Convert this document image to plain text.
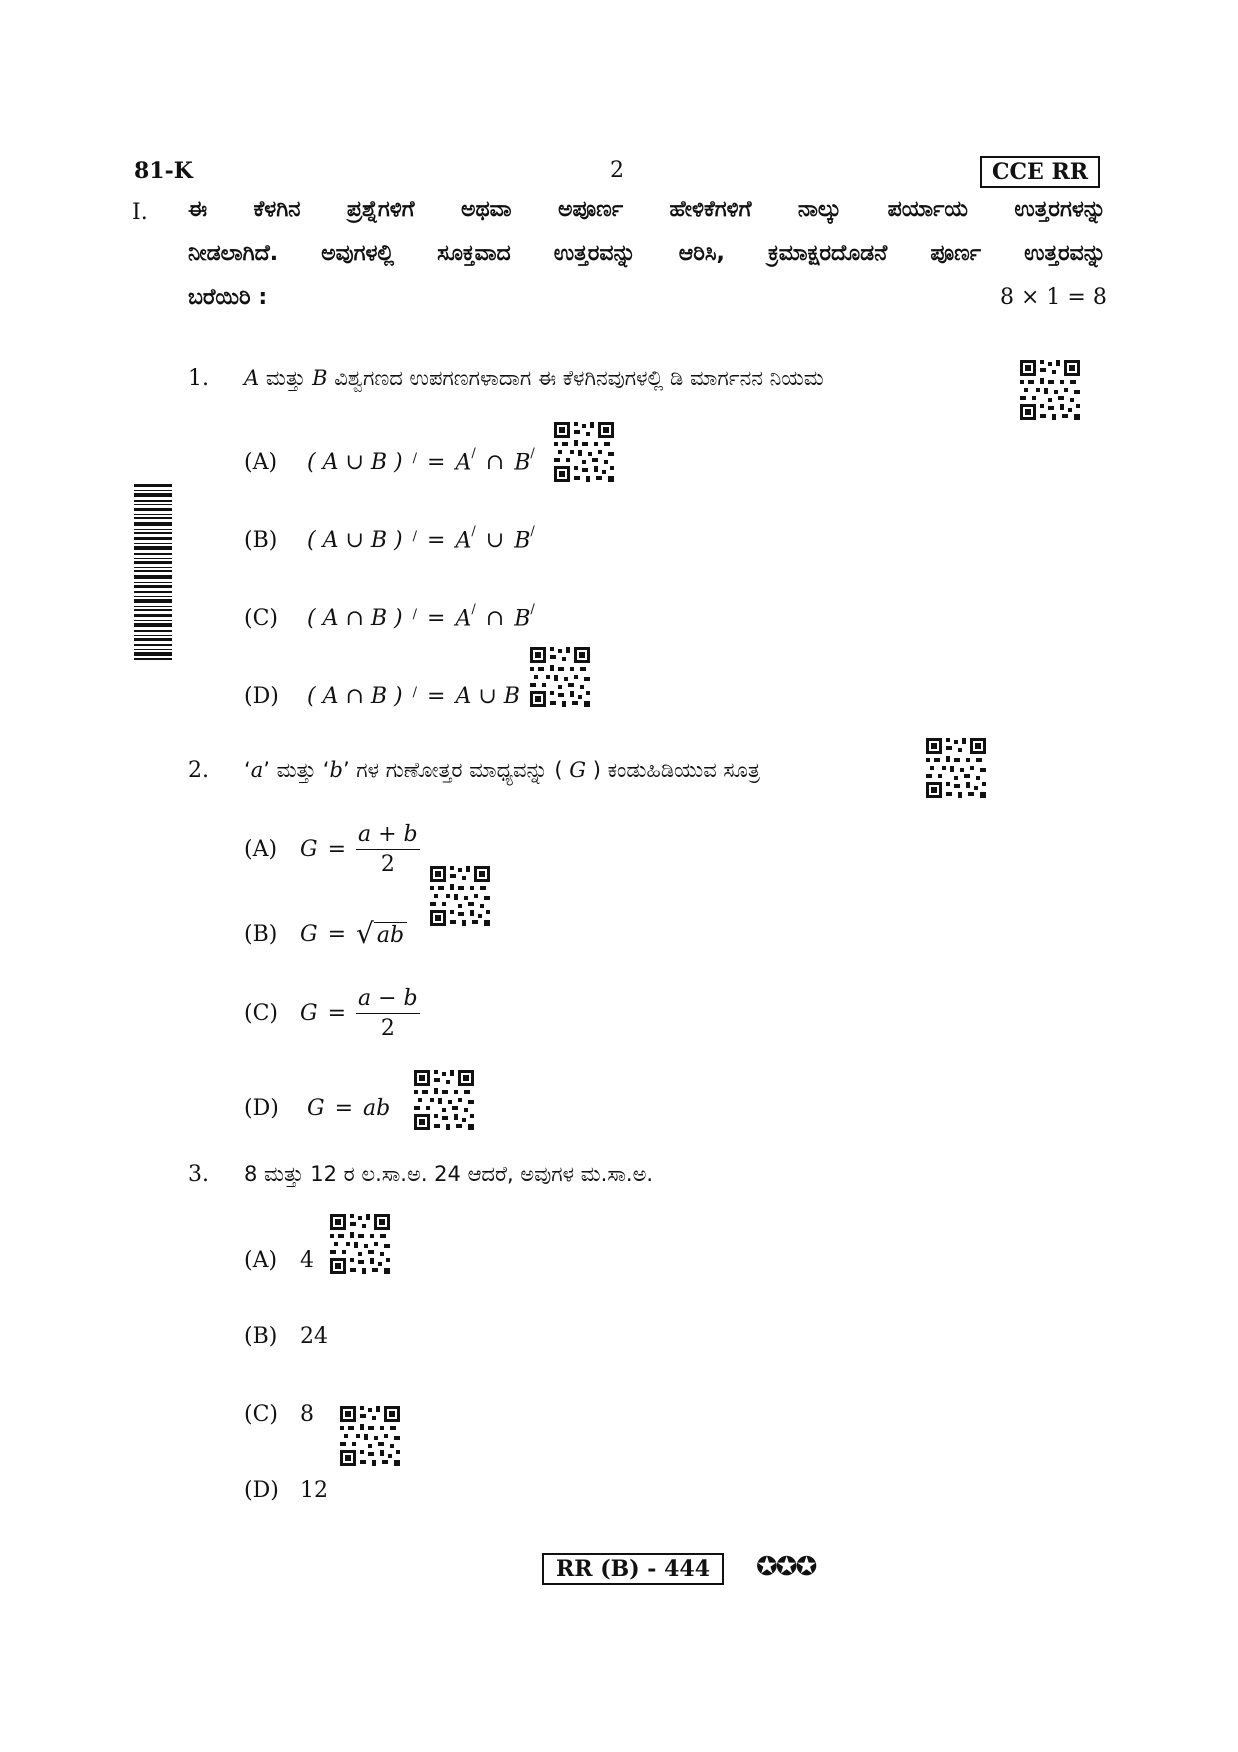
81-K	2	CCE RR
I. ಈ ಕೆಳಗಿನ ಪ್ರಶ್ನೆಗಳಿಗೆ ಅಥವಾ ಅಪೂರ್ಣ ಹೇಳಿಕೆಗಳಿಗೆ ನಾಲ್ಕು ಪರ್ಯಾಯ ಉತ್ತರಗಳನ್ನು
ನೀಡಲಾಗಿದೆ. ಅವುಗಳಲ್ಲಿ ಸೂಕ್ತವಾದ ಉತ್ತರವನ್ನು ಆರಿಸಿ, ಕ್ರಮಾಕ್ಷರದೊಡನೆ ಪೂರ್ಣ ಉತ್ತರವನ್ನು
ಬರೆಯಿರಿ :	8 × 1 = 8
1. A ಮತ್ತು B ವಿಶ್ವಗಣದ ಉಪಗಣಗಳಾದಾಗ ಈ ಕೆಳಗಿನವುಗಳಲ್ಲಿ ಡಿ ಮಾರ್ಗನನ ನಿಯಮ
(A) ( A ∪ B ) / = A/ ∩ B/
(B) ( A ∪ B ) / = A/ ∪ B/
(C) ( A ∩ B ) / = A/ ∩ B/
(D) ( A ∩ B ) / = A ∪ B
2. ‘a’ ಮತ್ತು ‘b’ ಗಳ ಗುಣೋತ್ತರ ಮಾಧ್ಯವನ್ನು ( G ) ಕಂಡುಹಿಡಿಯುವ ಸೂತ್ರ
(A)	$G = \frac{a + b}{2}$
(B)	G = √ ab
(C)	$G = \frac{a - b}{2}$
(D) G = ab
3. 8 ಮತ್ತು 12 ರ ಲ.ಸಾ.ಅ. 24 ಆದರೆ, ಅವುಗಳ ಮ.ಸಾ.ಅ.
(A) 4
(B) 24
(C) 8
(D) 12
RR (B) - 444	✪✪✪
